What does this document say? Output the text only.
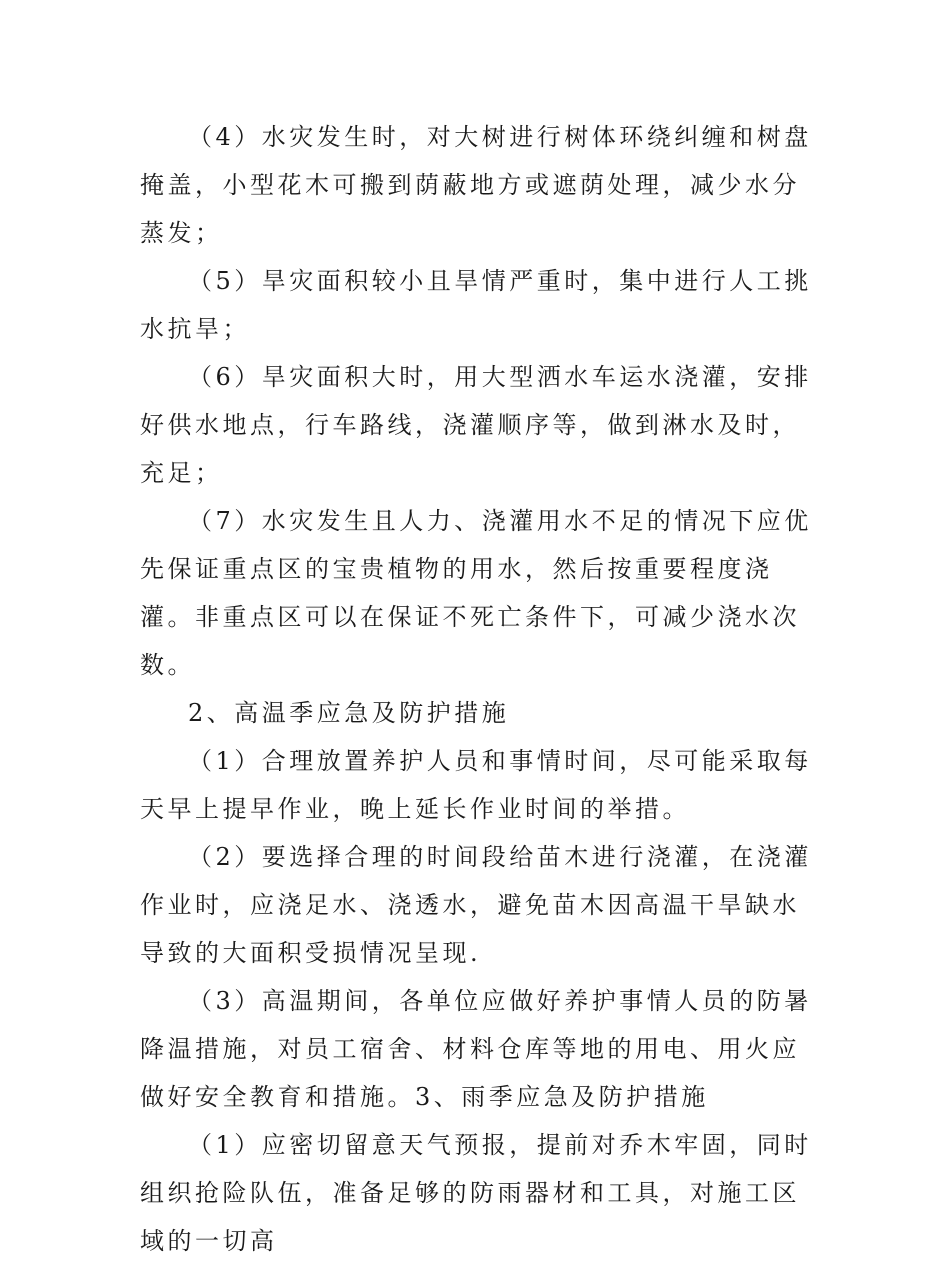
（4）水灾发生时，对大树进行树体环绕纠缠和树盘掩盖，小型花木可搬到荫蔽地方或遮荫处理，减少水分蒸发；

（5）旱灾面积较小且旱情严重时，集中进行人工挑水抗旱；

（6）旱灾面积大时，用大型洒水车运水浇灌，安排好供水地点，行车路线，浇灌顺序等，做到淋水及时，充足；

（7）水灾发生且人力、浇灌用水不足的情况下应优先保证重点区的宝贵植物的用水，然后按重要程度浇灌。非重点区可以在保证不死亡条件下，可减少浇水次数。

2、高温季应急及防护措施

（1）合理放置养护人员和事情时间，尽可能采取每天早上提早作业，晚上延长作业时间的举措。

（2）要选择合理的时间段给苗木进行浇灌，在浇灌作业时，应浇足水、浇透水，避免苗木因高温干旱缺水导致的大面积受损情况呈现.

（3）高温期间，各单位应做好养护事情人员的防暑降温措施，对员工宿舍、材料仓库等地的用电、用火应做好安全教育和措施。3、雨季应急及防护措施

（1）应密切留意天气预报，提前对乔木牢固，同时组织抢险队伍，准备足够的防雨器材和工具，对施工区域的一切高
